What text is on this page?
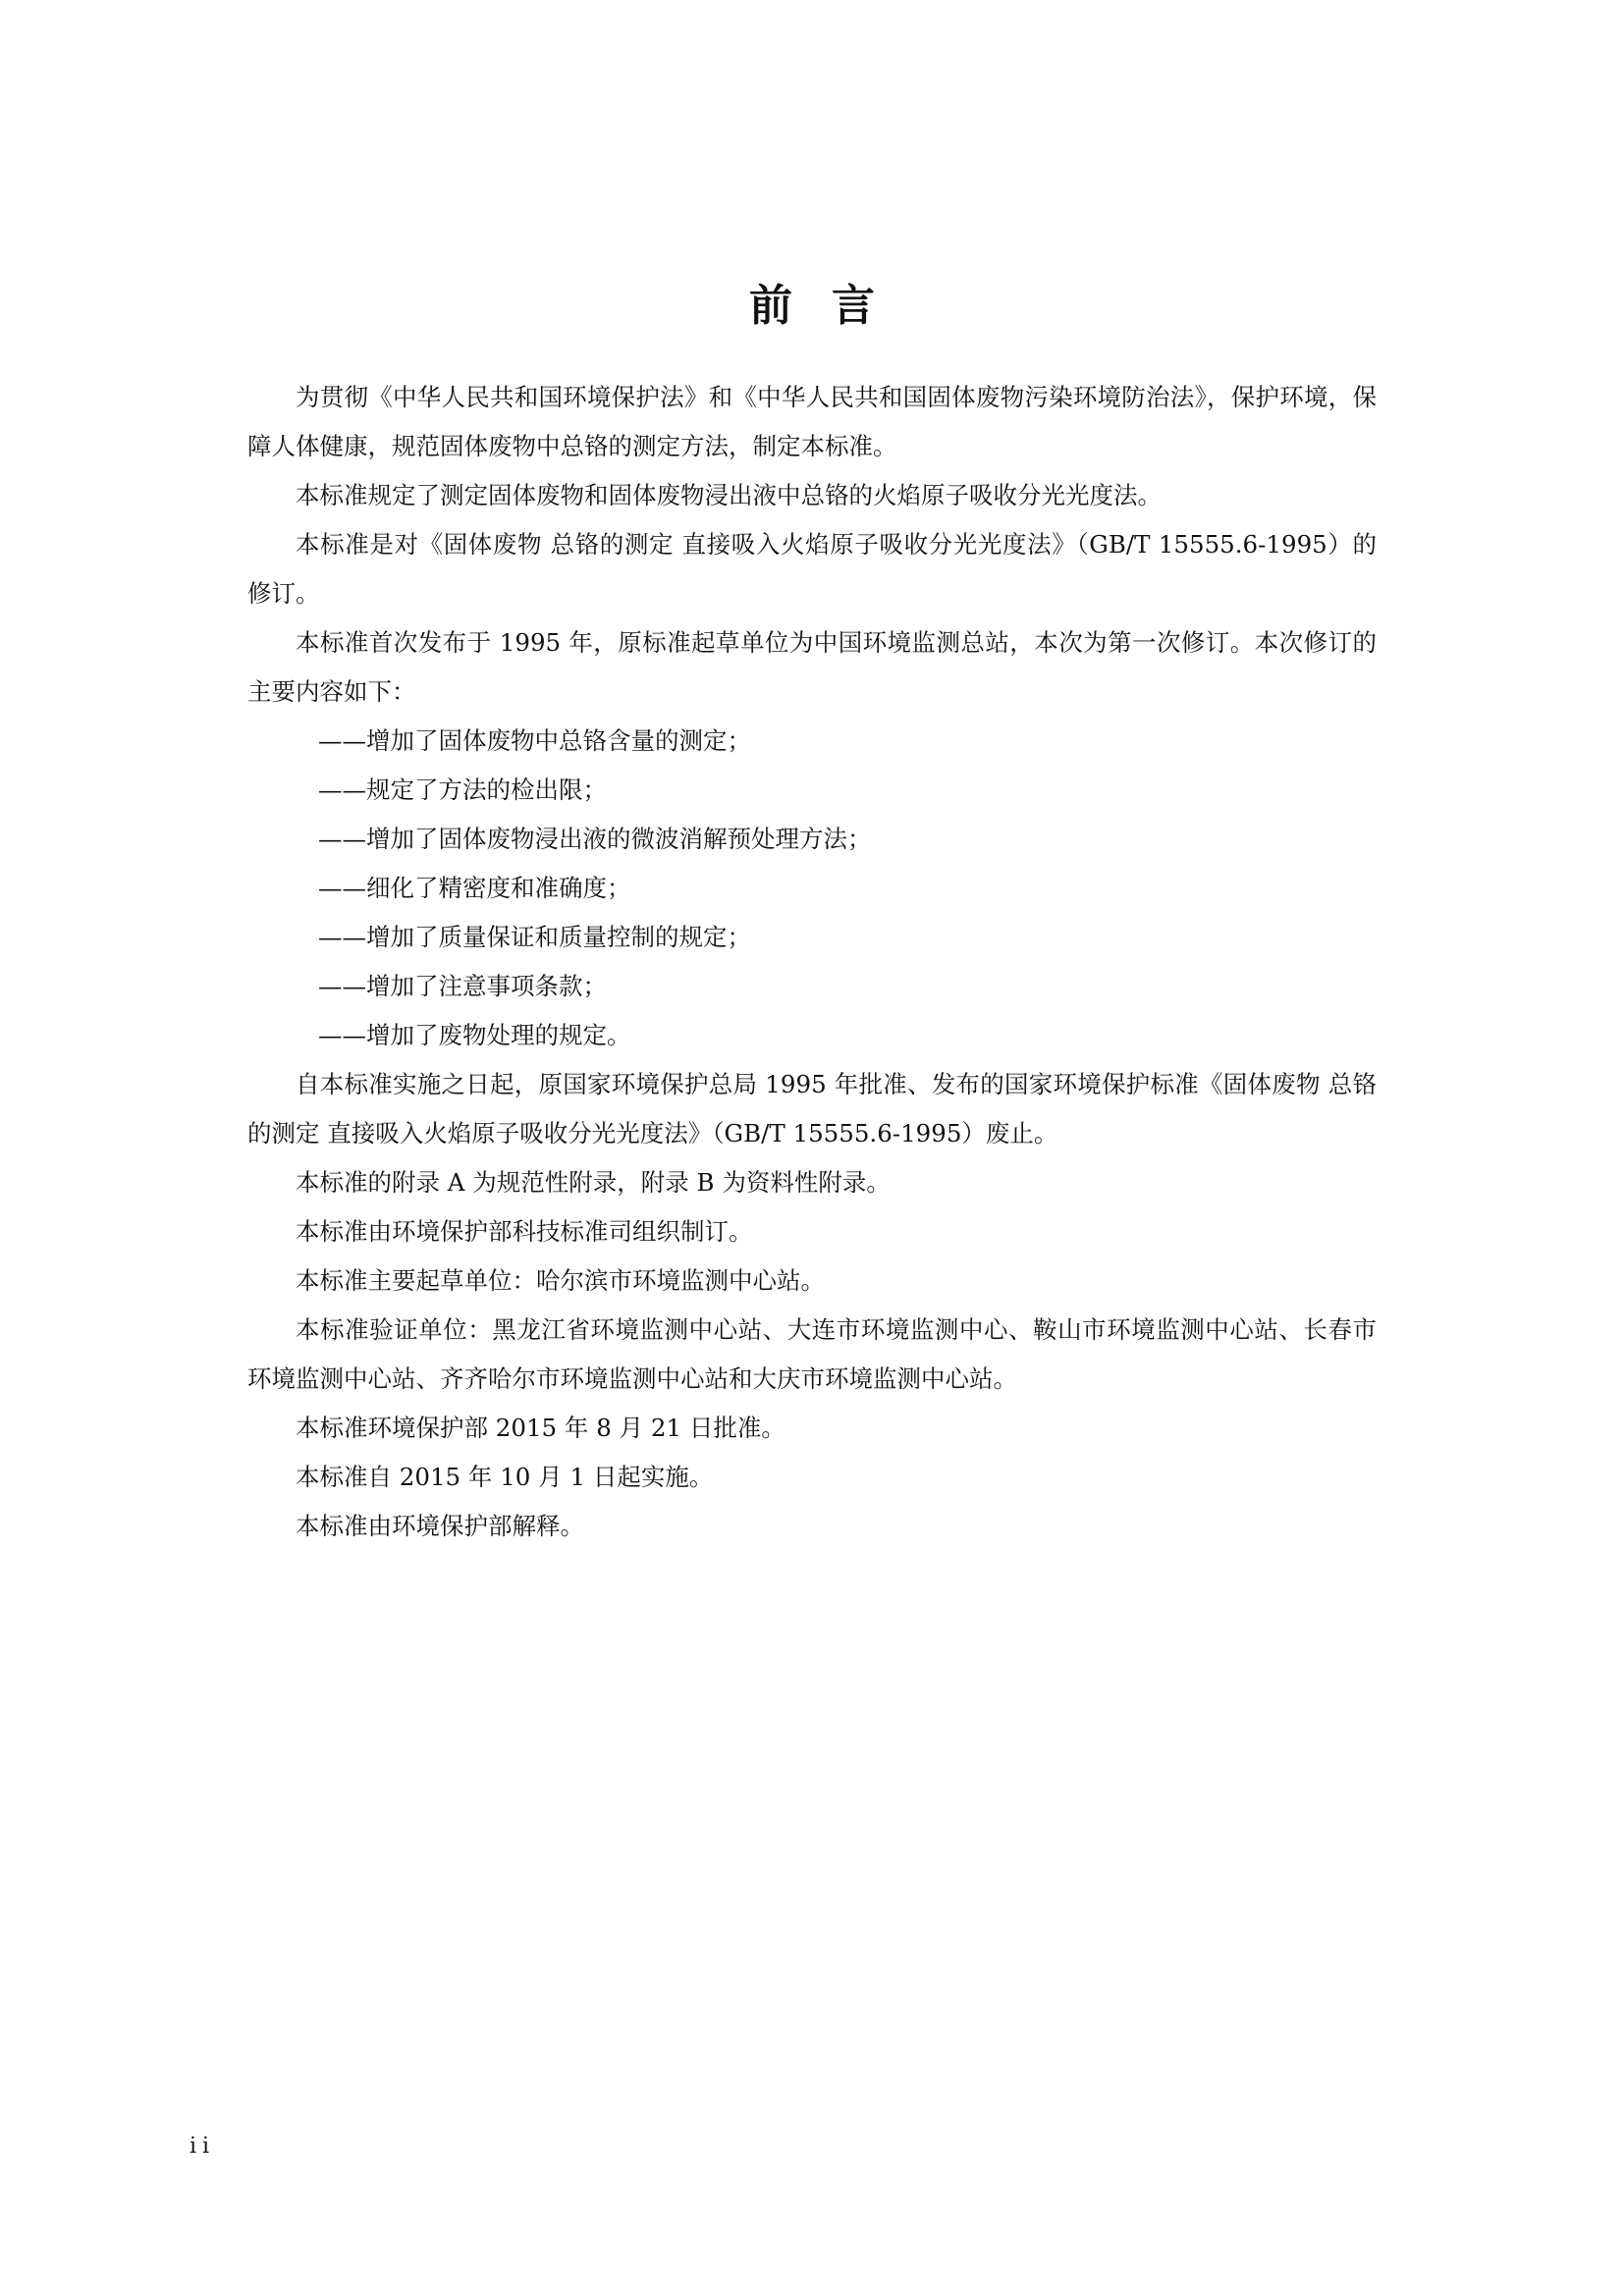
前言

为贯彻《中华人民共和国环境保护法》和《中华人民共和国固体废物污染环境防治法》，保护环境，保障人体健康，规范固体废物中总铬的测定方法，制定本标准。

本标准规定了测定固体废物和固体废物浸出液中总铬的火焰原子吸收分光光度法。

本标准是对《固体废物 总铬的测定 直接吸入火焰原子吸收分光光度法》（GB/T 15555.6-1995）的修订。

本标准首次发布于 1995 年，原标准起草单位为中国环境监测总站，本次为第一次修订。本次修订的主要内容如下：

——增加了固体废物中总铬含量的测定；

——规定了方法的检出限；

——增加了固体废物浸出液的微波消解预处理方法；

——细化了精密度和准确度；

——增加了质量保证和质量控制的规定；

——增加了注意事项条款；

——增加了废物处理的规定。

自本标准实施之日起，原国家环境保护总局 1995 年批准、发布的国家环境保护标准《固体废物 总铬的测定 直接吸入火焰原子吸收分光光度法》（GB/T 15555.6-1995）废止。

本标准的附录 A 为规范性附录，附录 B 为资料性附录。

本标准由环境保护部科技标准司组织制订。

本标准主要起草单位：哈尔滨市环境监测中心站。

本标准验证单位：黑龙江省环境监测中心站、大连市环境监测中心、鞍山市环境监测中心站、长春市环境监测中心站、齐齐哈尔市环境监测中心站和大庆市环境监测中心站。

本标准环境保护部 2015 年 8 月 21 日批准。

本标准自 2015 年 10 月 1 日起实施。

本标准由环境保护部解释。

ii
